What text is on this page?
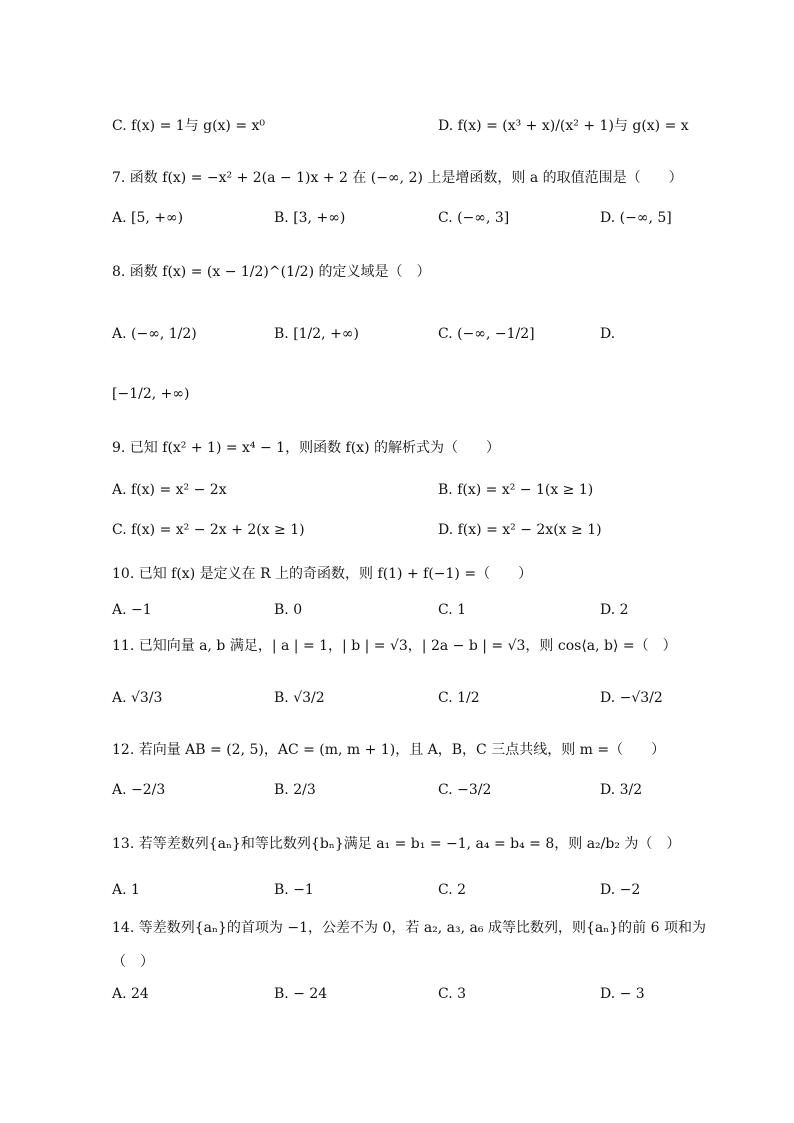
C. f(x) = 1与 g(x) = x⁰	D. f(x) = (x³ + x)/(x² + 1)与 g(x) = x
7. 函数 f(x) = −x² + 2(a − 1)x + 2 在 (−∞, 2) 上是增函数，则 a 的取值范围是（　　）
A. [5, +∞)	B. [3, +∞)	C. (−∞, 3]	D. (−∞, 5]
8. 函数 f(x) = (x − 1/2)^(1/2) 的定义域是（　）
A. (−∞, 1/2)	B. [1/2, +∞)	C. (−∞, −1/2]	D.
[−1/2, +∞)
9. 已知 f(x² + 1) = x⁴ − 1，则函数 f(x) 的解析式为（　　）
A. f(x) = x² − 2x	B. f(x) = x² − 1(x ≥ 1)
C. f(x) = x² − 2x + 2(x ≥ 1)	D. f(x) = x² − 2x(x ≥ 1)
10. 已知 f(x) 是定义在 R 上的奇函数，则 f(1) + f(−1) =（　　）
A. −1	B. 0	C. 1	D. 2
11. 已知向量 a, b 满足，| a | = 1，| b | = √3，| 2a − b | = √3，则 cos⟨a, b⟩ =（　）
A. √3/3	B. √3/2	C. 1/2	D. −√3/2
12. 若向量 AB = (2, 5)，AC = (m, m + 1)，且 A，B，C 三点共线，则 m =（　　）
A. −2/3	B. 2/3	C. −3/2	D. 3/2
13. 若等差数列{aₙ}和等比数列{bₙ}满足 a₁ = b₁ = −1, a₄ = b₄ = 8，则 a₂/b₂ 为（　）
A. 1	B. −1	C. 2	D. −2
14. 等差数列{aₙ}的首项为 −1，公差不为 0，若 a₂, a₃, a₆ 成等比数列，则{aₙ}的前 6 项和为
（　）
A. 24	B. − 24	C. 3	D. − 3
